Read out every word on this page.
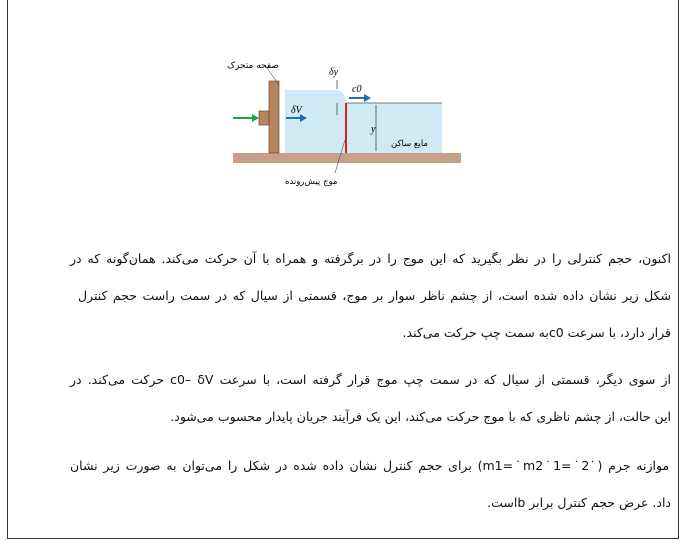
صفحه متحرک
δy
c0
δV
y
مایع ساکن
موج پیش‌رونده
اکنون، حجم کنترلی را در نظر بگیرید که این موج را در برگرفته و همراه با آن حرکت می‌کند. همان‌گونه که در
شکل زیر نشان داده شده است، از چشم ناظر سوار بر موج، قسمتی از سیال که در سمت راست حجم کنترل
قرار دارد، با سرعت c0به سمت چپ حرکت می‌کند.
از سوی دیگر، قسمتی از سیال که در سمت چپ موج قرار گرفته است، با سرعت c0– δV حرکت می‌کند. در
این حالت، از چشم ناظری که با موج حرکت می‌کند، این یک فرآیند جریان پایدار محسوب می‌شود.
موازنه جرم (˙m1=˙m2˙1=˙2) برای حجم کنترل نشان داده شده در شکل را می‌توان به صورت زیر نشان
داد. عرض حجم کنترل برابر bاست.
